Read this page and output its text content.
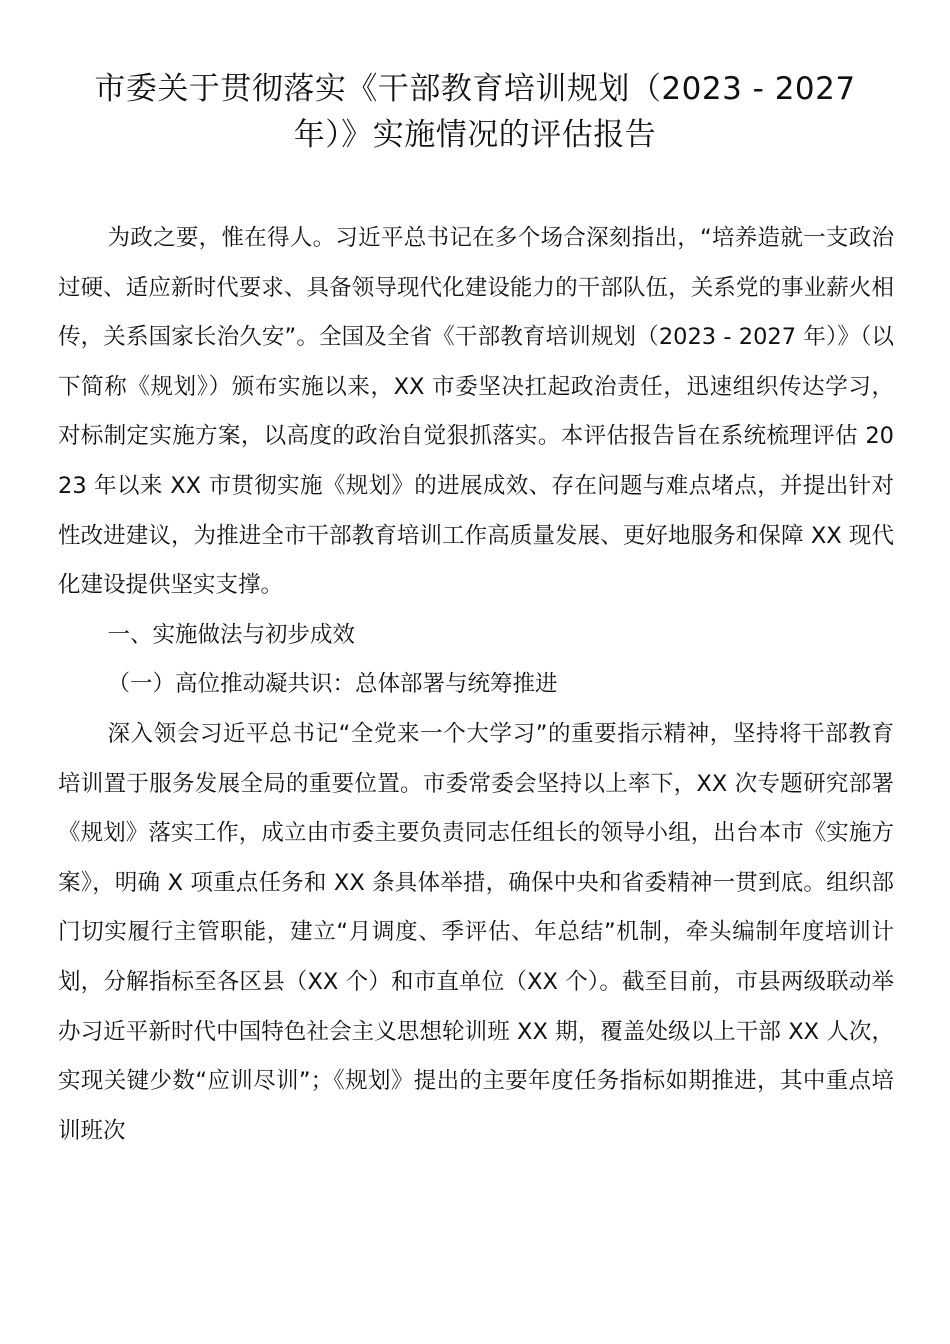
市委关于贯彻落实《干部教育培训规划（2023 - 2027 年）》实施情况的评估报告

为政之要，惟在得人。习近平总书记在多个场合深刻指出，“培养造就一支政治过硬、适应新时代要求、具备领导现代化建设能力的干部队伍，关系党的事业薪火相传，关系国家长治久安”。全国及全省《干部教育培训规划（2023 - 2027 年）》（以下简称《规划》）颁布实施以来，XX 市委坚决扛起政治责任，迅速组织传达学习，对标制定实施方案，以高度的政治自觉狠抓落实。本评估报告旨在系统梳理评估 2023 年以来 XX 市贯彻实施《规划》的进展成效、存在问题与难点堵点，并提出针对性改进建议，为推进全市干部教育培训工作高质量发展、更好地服务和保障 XX 现代化建设提供坚实支撑。

一、实施做法与初步成效

（一）高位推动凝共识：总体部署与统筹推进

深入领会习近平总书记“全党来一个大学习”的重要指示精神，坚持将干部教育培训置于服务发展全局的重要位置。市委常委会坚持以上率下，XX 次专题研究部署《规划》落实工作，成立由市委主要负责同志任组长的领导小组，出台本市《实施方案》，明确 X 项重点任务和 XX 条具体举措，确保中央和省委精神一贯到底。组织部门切实履行主管职能，建立“月调度、季评估、年总结”机制，牵头编制年度培训计划，分解指标至各区县（XX 个）和市直单位（XX 个）。截至目前，市县两级联动举办习近平新时代中国特色社会主义思想轮训班 XX 期，覆盖处级以上干部 XX 人次，实现关键少数“应训尽训”；《规划》提出的主要年度任务指标如期推进，其中重点培训班次
